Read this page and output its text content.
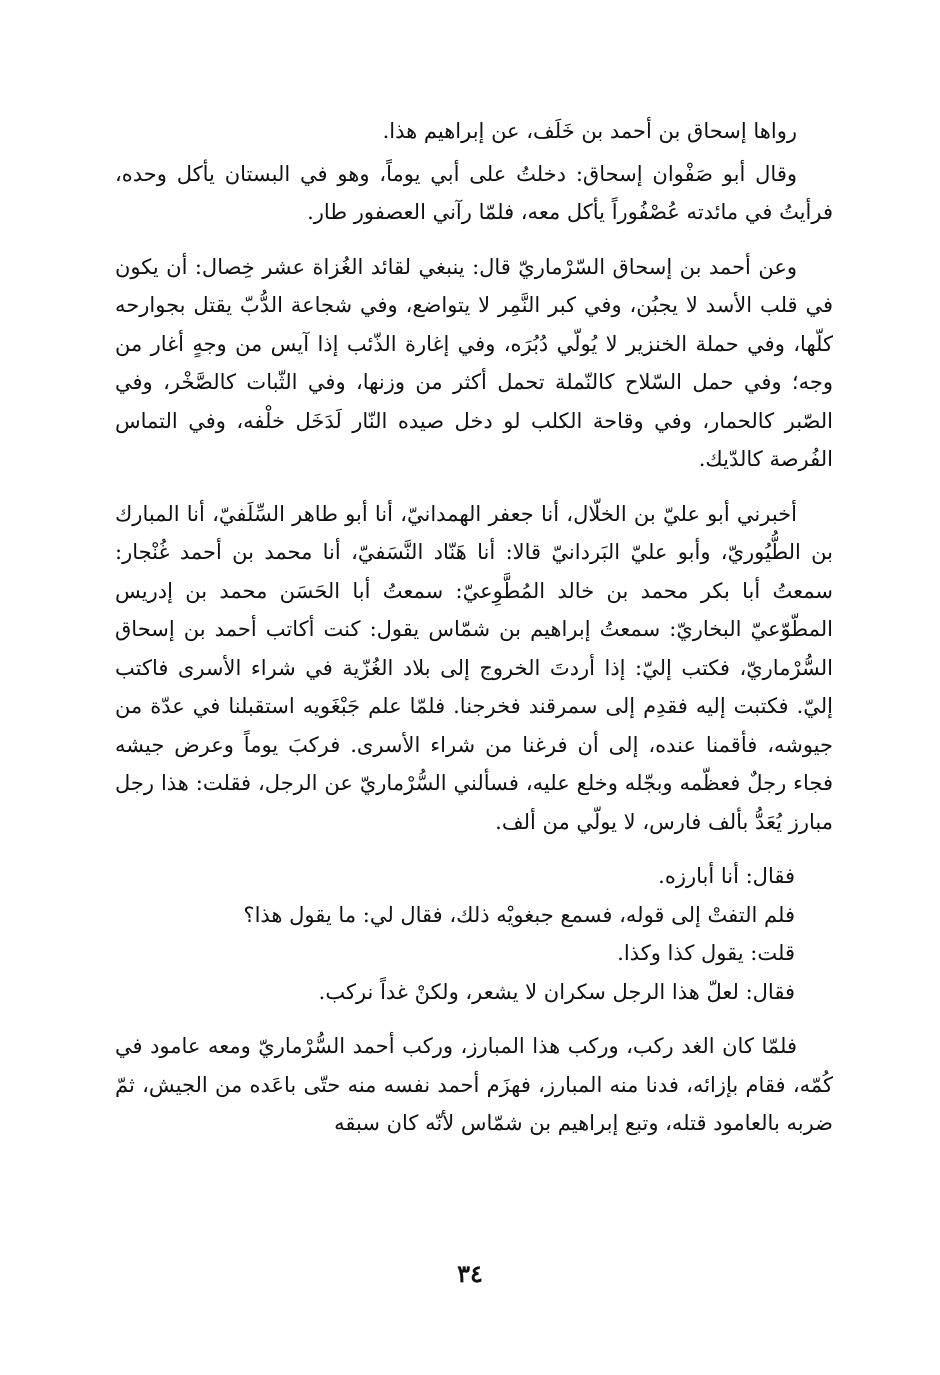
رواها إسحاق بن أحمد بن خَلَف، عن إبراهيم هذا.

وقال أبو صَفْوان إسحاق: دخلتُ على أبي يوماً، وهو في البستان يأكل وحده، فرأيتُ في مائدته عُصْفُوراً يأكل معه، فلمّا رآني العصفور طار.

وعن أحمد بن إسحاق السّرْماريّ قال: ينبغي لقائد الغُزاة عشر خِصال: أن يكون في قلب الأسد لا يجبُن، وفي كبر النَّمِر لا يتواضع، وفي شجاعة الدُّبّ يقتل بجوارحه كلّها، وفي حملة الخنزير لا يُولّي دُبُرَه، وفي إغارة الذّئب إذا آيس من وجهٍ أغار من وجه؛ وفي حمل السّلاح كالنّملة تحمل أكثر من وزنها، وفي الثّبات كالصَّخْر، وفي الصّبر كالحمار، وفي وقاحة الكلب لو دخل صيده النّار لَدَخَل خلْفه، وفي التماس الفُرصة كالدّيك.

أخبرني أبو عليّ بن الخلّال، أنا جعفر الهمدانيّ، أنا أبو طاهر السِّلَفيّ، أنا المبارك بن الطُّيُوريّ، وأبو عليّ البَردانيّ قالا: أنا هَنّاد النَّسَفيّ، أنا محمد بن أحمد غُنْجار: سمعتُ أبا بكر محمد بن خالد المُطَّوِعيّ: سمعتُ أبا الحَسَن محمد بن إدريس المطّوّعيّ البخاريّ: سمعتُ إبراهيم بن شمّاس يقول: كنت أكاتب أحمد بن إسحاق السُّرْماريّ، فكتب إليّ: إذا أردتَ الخروج إلى بلاد الغُزّية في شراء الأسرى فاكتب إليّ. فكتبت إليه فقدِم إلى سمرقند فخرجنا. فلمّا علم جَبْغَويه استقبلنا في عدّة من جيوشه، فأقمنا عنده، إلى أن فرغنا من شراء الأسرى. فركبَ يوماً وعرض جيشه فجاء رجلٌ فعظّمه وبجّله وخلع عليه، فسألني السُّرْماريّ عن الرجل، فقلت: هذا رجل مبارز يُعَدُّ بألف فارس، لا يولّي من ألف.

فقال: أنا أبارزه.

فلم التفتْ إلى قوله، فسمع جبغويْه ذلك، فقال لي: ما يقول هذا؟

قلت: يقول كذا وكذا.

فقال: لعلّ هذا الرجل سكران لا يشعر، ولكنْ غداً نركب.

فلمّا كان الغد ركب، وركب هذا المبارز، وركب أحمد السُّرْماريّ ومعه عامود في كُمّه، فقام بإزائه، فدنا منه المبارز، فهزَم أحمد نفسه منه حتّى باعَده من الجيش، ثمّ ضربه بالعامود قتله، وتبع إبراهيم بن شمّاس لأنّه كان سبقه

٣٤
